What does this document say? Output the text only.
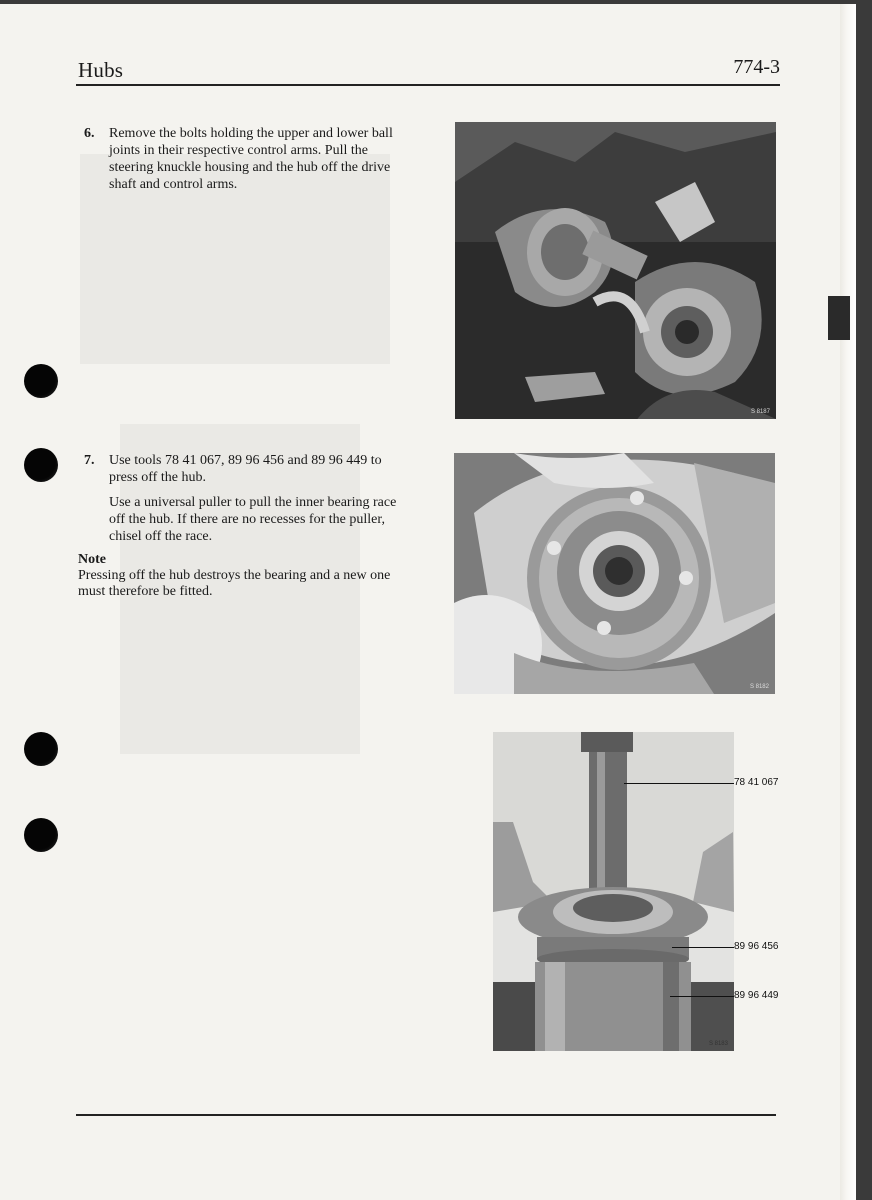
Hubs	774-3
6. Remove the bolts holding the upper and lower ball joints in their respective control arms. Pull the steering knuckle housing and the hub off the drive shaft and control arms.

7. Use tools 78 41 067, 89 96 456 and 89 96 449 to press off the hub.

Use a universal puller to pull the inner bearing race off the hub. If there are no recesses for the puller, chisel off the race.

Note
Pressing off the hub destroys the bearing and a new one must therefore be fitted.
S 8187
S 8182
S 8183
78 41 067
89 96 456
89 96 449
